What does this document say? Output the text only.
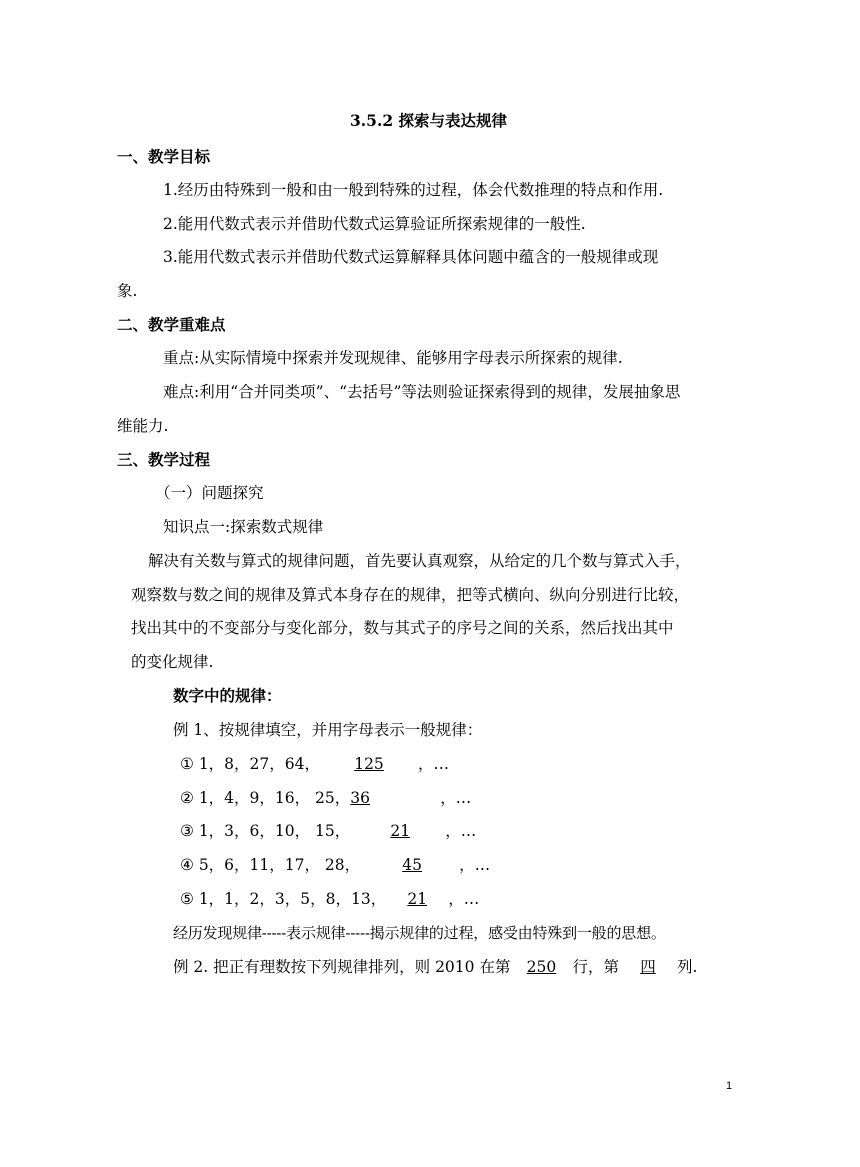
3.5.2 探索与表达规律
一、教学目标
1.经历由特殊到一般和由一般到特殊的过程，体会代数推理的特点和作用.
2.能用代数式表示并借助代数式运算验证所探索规律的一般性.
3.能用代数式表示并借助代数式运算解释具体问题中蕴含的一般规律或现
象.
二、教学重难点
重点:从实际情境中探索并发现规律、能够用字母表示所探索的规律.
难点:利用“合并同类项”、“去括号”等法则验证探索得到的规律，发展抽象思
维能力.
三、教学过程
（一）问题探究
知识点一:探索数式规律
解决有关数与算式的规律问题，首先要认真观察，从给定的几个数与算式入手，
观察数与数之间的规律及算式本身存在的规律，把等式横向、纵向分别进行比较，
找出其中的不变部分与变化部分，数与其式子的序号之间的关系，然后找出其中
的变化规律.
数字中的规律：
例 1、按规律填空，并用字母表示一般规律：
① 1，8，27，64， 125 ，…
② 1，4，9，16， 25，36	，…
③ 1，3，6，10， 15， 21 ，…
④ 5，6，11，17， 28， 45 ，…
⑤ 1，1，2，3，5，8，13， 21 ，…
经历发现规律-----表示规律-----揭示规律的过程，感受由特殊到一般的思想。
例 2. 把正有理数按下列规律排列，则 2010 在第 250 行，第 四 列.
1
